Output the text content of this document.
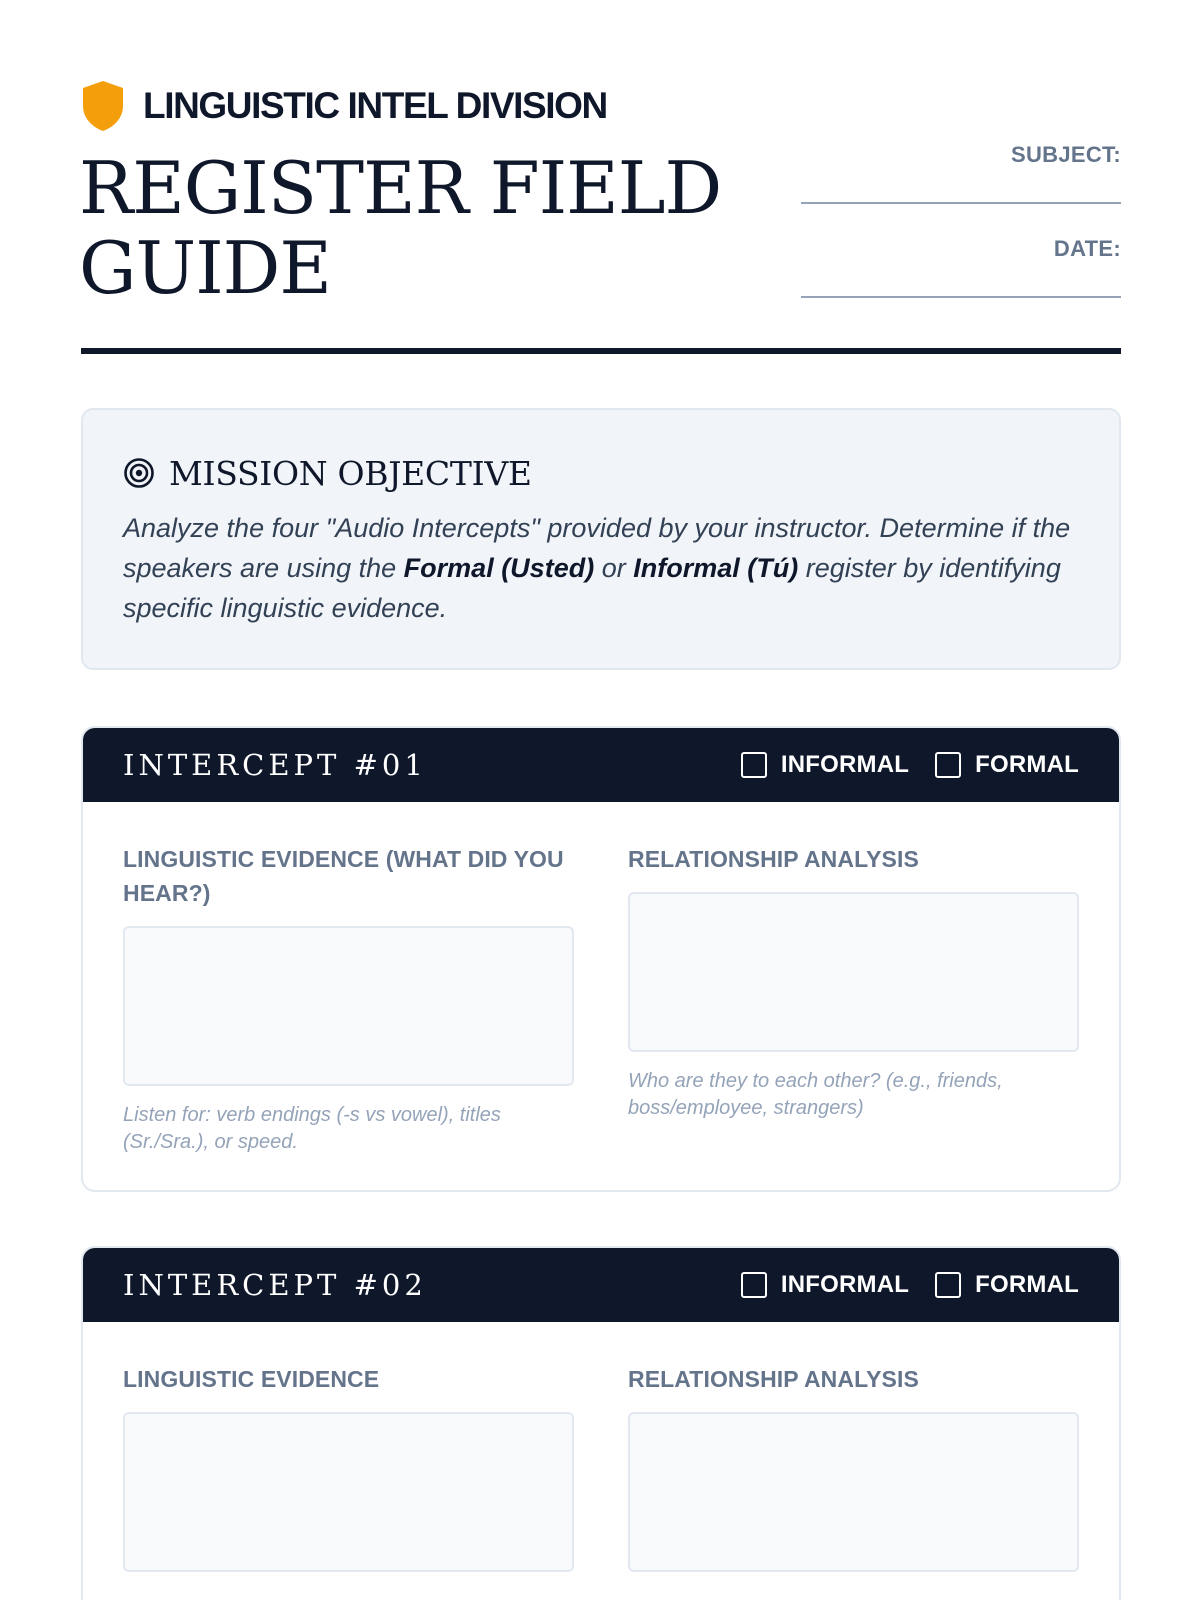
LINGUISTIC INTEL DIVISION
REGISTER FIELD
GUIDE
SUBJECT:
DATE:
MISSION OBJECTIVE

Analyze the four "Audio Intercepts" provided by your instructor. Determine if the speakers are using the Formal (Usted) or Informal (Tú) register by identifying specific linguistic evidence.

INTERCEPT #01	INFORMAL	FORMAL
LINGUISTIC EVIDENCE (WHAT DID YOU HEAR?)
Listen for: verb endings (-s vs vowel), titles (Sr./Sra.), or speed.
RELATIONSHIP ANALYSIS
Who are they to each other? (e.g., friends, boss/employee, strangers)
INTERCEPT #02	INFORMAL	FORMAL
LINGUISTIC EVIDENCE	RELATIONSHIP ANALYSIS
